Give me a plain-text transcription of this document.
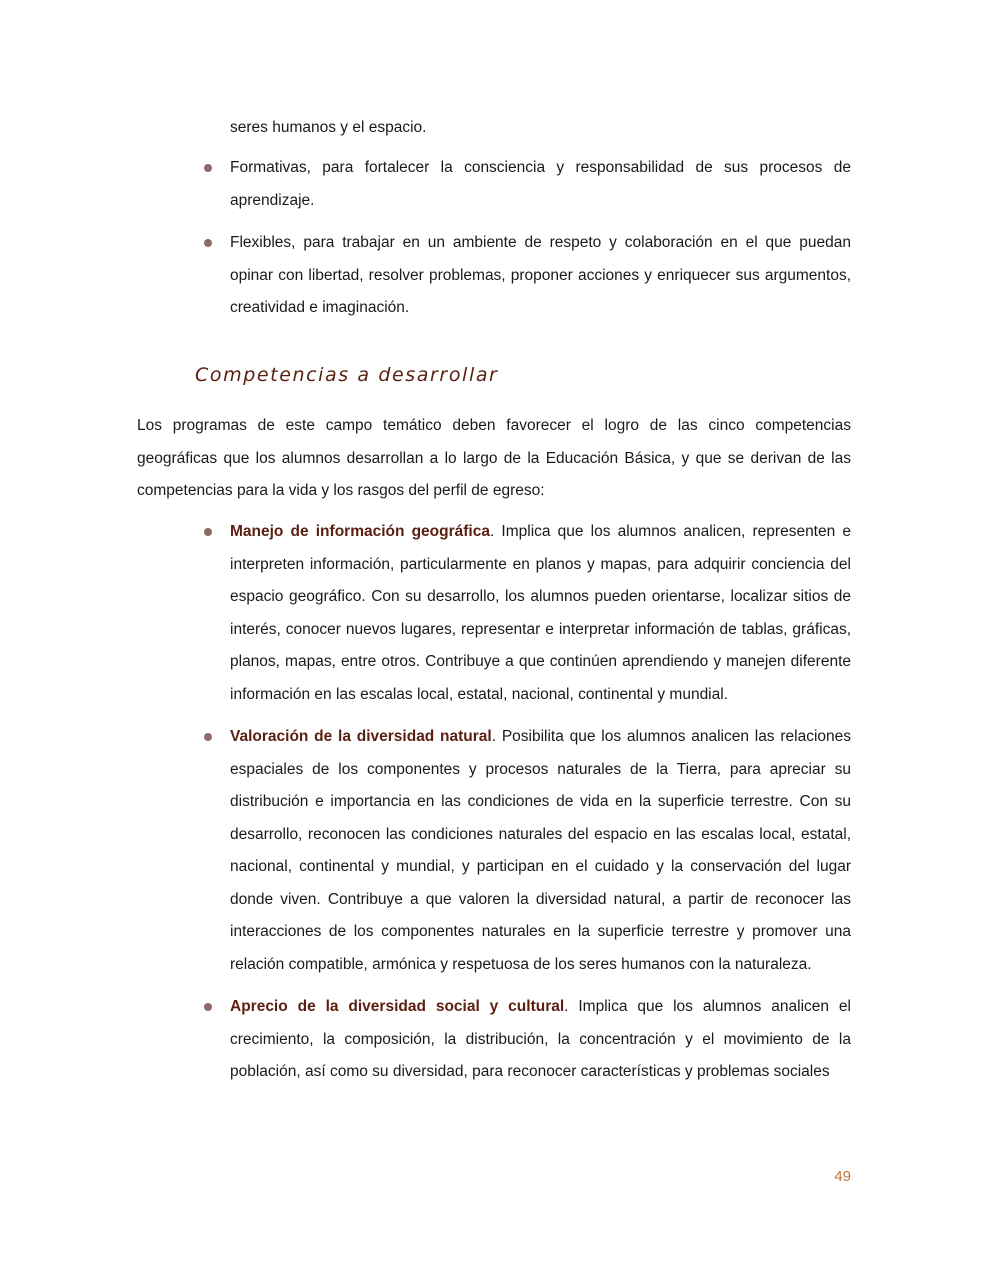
seres humanos y el espacio.
Formativas, para fortalecer la consciencia y responsabilidad de sus procesos de aprendizaje.
Flexibles, para trabajar en un ambiente de respeto y colaboración en el que puedan opinar con libertad, resolver problemas, proponer acciones y enriquecer sus argumentos, creatividad e imaginación.
Competencias a desarrollar

Los programas de este campo temático deben favorecer el logro de las cinco competencias geográficas que los alumnos desarrollan a lo largo de la Educación Básica, y que se derivan de las competencias para la vida y los rasgos del perfil de egreso:

Manejo de información geográfica. Implica que los alumnos analicen, representen e interpreten información, particularmente en planos y mapas, para adquirir conciencia del espacio geográfico. Con su desarrollo, los alumnos pueden orientarse, localizar sitios de interés, conocer nuevos lugares, representar e interpretar información de tablas, gráficas, planos, mapas, entre otros. Contribuye a que continúen aprendiendo y manejen diferente información en las escalas local, estatal, nacional, continental y mundial.
Valoración de la diversidad natural. Posibilita que los alumnos analicen las relaciones espaciales de los componentes y procesos naturales de la Tierra, para apreciar su distribución e importancia en las condiciones de vida en la superficie terrestre. Con su desarrollo, reconocen las condiciones naturales del espacio en las escalas local, estatal, nacional, continental y mundial, y participan en el cuidado y la conservación del lugar donde viven. Contribuye a que valoren la diversidad natural, a partir de reconocer las interacciones de los componentes naturales en la superficie terrestre y promover una relación compatible, armónica y respetuosa de los seres humanos con la naturaleza.
Aprecio de la diversidad social y cultural. Implica que los alumnos analicen el crecimiento, la composición, la distribución, la concentración y el movimiento de la población, así como su diversidad, para reconocer características y problemas sociales
49
